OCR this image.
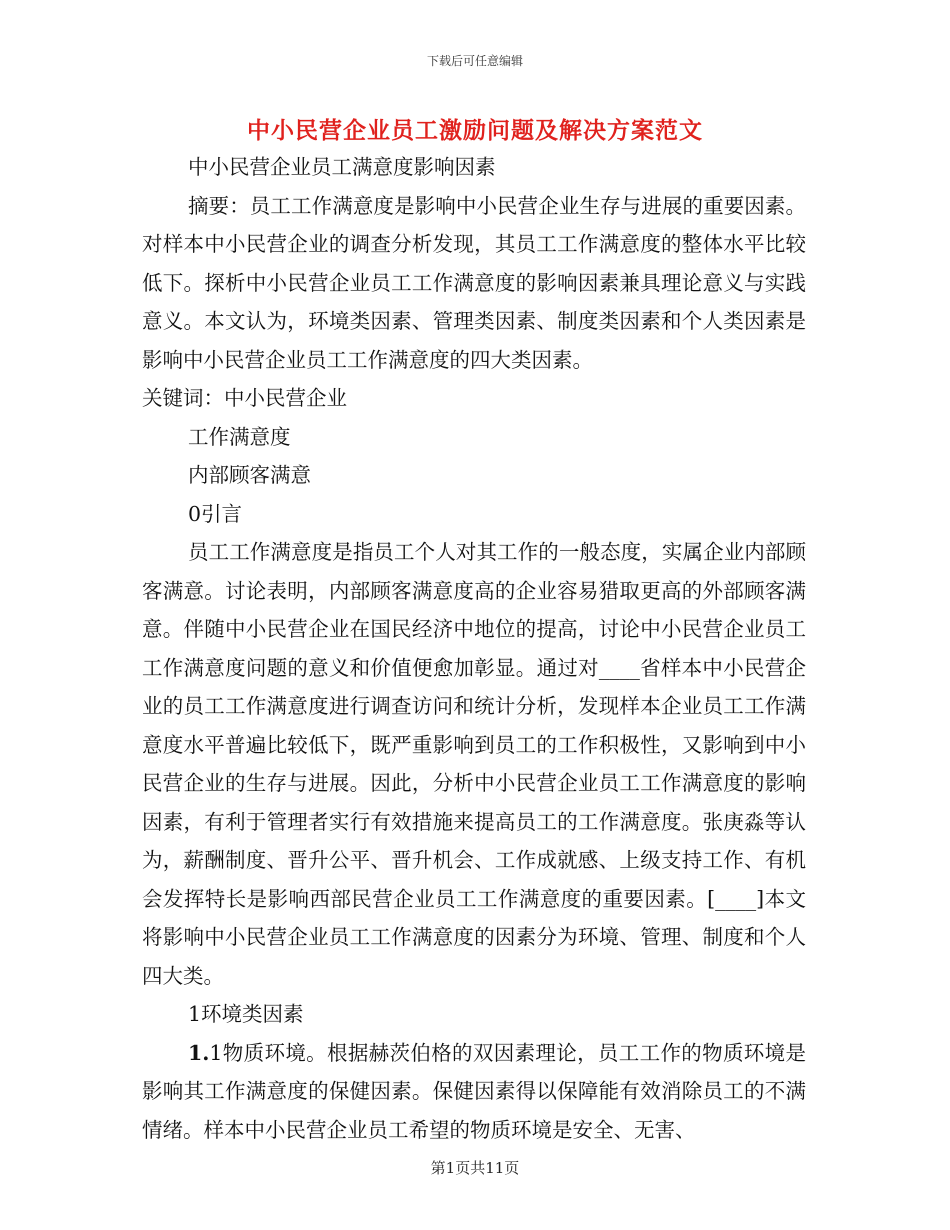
下载后可任意编辑
中小民营企业员工激励问题及解决方案范文

中小民营企业员工满意度影响因素

摘要：员工工作满意度是影响中小民营企业生存与进展的重要因素。对样本中小民营企业的调查分析发现，其员工工作满意度的整体水平比较低下。探析中小民营企业员工工作满意度的影响因素兼具理论意义与实践意义。本文认为，环境类因素、管理类因素、制度类因素和个人类因素是影响中小民营企业员工工作满意度的四大类因素。

关键词：中小民营企业

工作满意度

内部顾客满意

0引言

员工工作满意度是指员工个人对其工作的一般态度，实属企业内部顾客满意。讨论表明，内部顾客满意度高的企业容易猎取更高的外部顾客满意。伴随中小民营企业在国民经济中地位的提高，讨论中小民营企业员工工作满意度问题的意义和价值便愈加彰显。通过对____省样本中小民营企业的员工工作满意度进行调查访问和统计分析，发现样本企业员工工作满意度水平普遍比较低下，既严重影响到员工的工作积极性，又影响到中小民营企业的生存与进展。因此，分析中小民营企业员工工作满意度的影响因素，有利于管理者实行有效措施来提高员工的工作满意度。张庚淼等认为，薪酬制度、晋升公平、晋升机会、工作成就感、上级支持工作、有机会发挥特长是影响西部民营企业员工工作满意度的重要因素。[____]本文将影响中小民营企业员工工作满意度的因素分为环境、管理、制度和个人四大类。

1环境类因素

1.1物质环境。根据赫茨伯格的双因素理论，员工工作的物质环境是影响其工作满意度的保健因素。保健因素得以保障能有效消除员工的不满情绪。样本中小民营企业员工希望的物质环境是安全、无害、

第1页共11页
